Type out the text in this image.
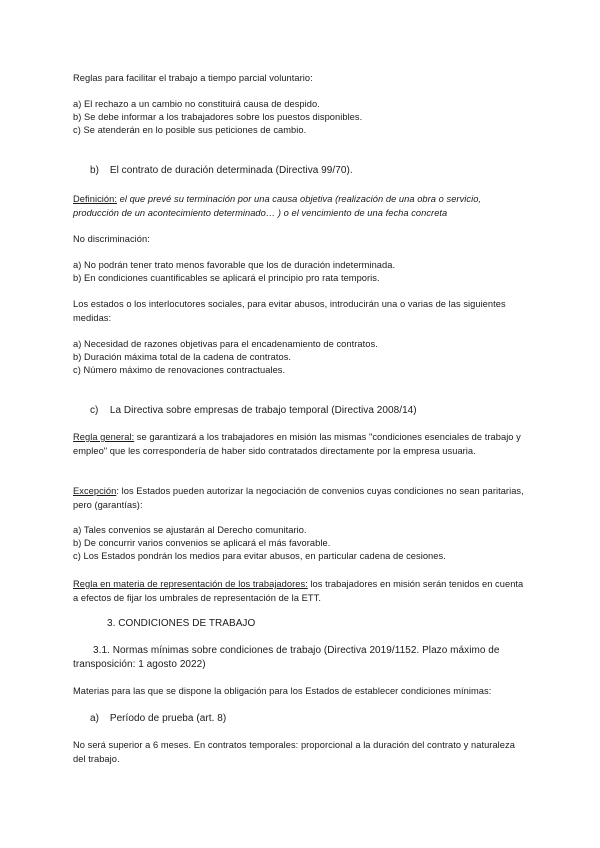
Reglas para facilitar el trabajo a tiempo parcial voluntario:

a) El rechazo a un cambio no constituirá causa de despido.

b) Se debe informar a los trabajadores sobre los puestos disponibles.

c) Se atenderán en lo posible sus peticiones de cambio.

b) El contrato de duración determinada (Directiva 99/70).

Definición: el que prevé su terminación por una causa objetiva (realización de una obra o servicio, producción de un acontecimiento determinado… ) o el vencimiento de una fecha concreta

No discriminación:

a) No podrán tener trato menos favorable que los de duración indeterminada.

b) En condiciones cuantificables se aplicará el principio pro rata temporis.

Los estados o los interlocutores sociales, para evitar abusos, introducirán una o varias de las siguientes medidas:

a) Necesidad de razones objetivas para el encadenamiento de contratos.

b) Duración máxima total de la cadena de contratos.

c) Número máximo de renovaciones contractuales.

c) La Directiva sobre empresas de trabajo temporal (Directiva 2008/14)

Regla general: se garantizará a los trabajadores en misión las mismas "condiciones esenciales de trabajo y empleo" que les correspondería de haber sido contratados directamente por la empresa usuaria.

Excepción: los Estados pueden autorizar la negociación de convenios cuyas condiciones no sean paritarias, pero (garantías):

a) Tales convenios se ajustarán al Derecho comunitario.

b) De concurrir varios convenios se aplicará el más favorable.

c) Los Estados pondrán los medios para evitar abusos, en particular cadena de cesiones.

Regla en materia de representación de los trabajadores: los trabajadores en misión serán tenidos en cuenta a efectos de fijar los umbrales de representación de la ETT.

3. CONDICIONES DE TRABAJO

3.1. Normas mínimas sobre condiciones de trabajo (Directiva 2019/1152. Plazo máximo de transposición: 1 agosto 2022)

Materias para las que se dispone la obligación para los Estados de establecer condiciones mínimas:

a) Período de prueba (art. 8)

No será superior a 6 meses. En contratos temporales: proporcional a la duración del contrato y naturaleza del trabajo.
